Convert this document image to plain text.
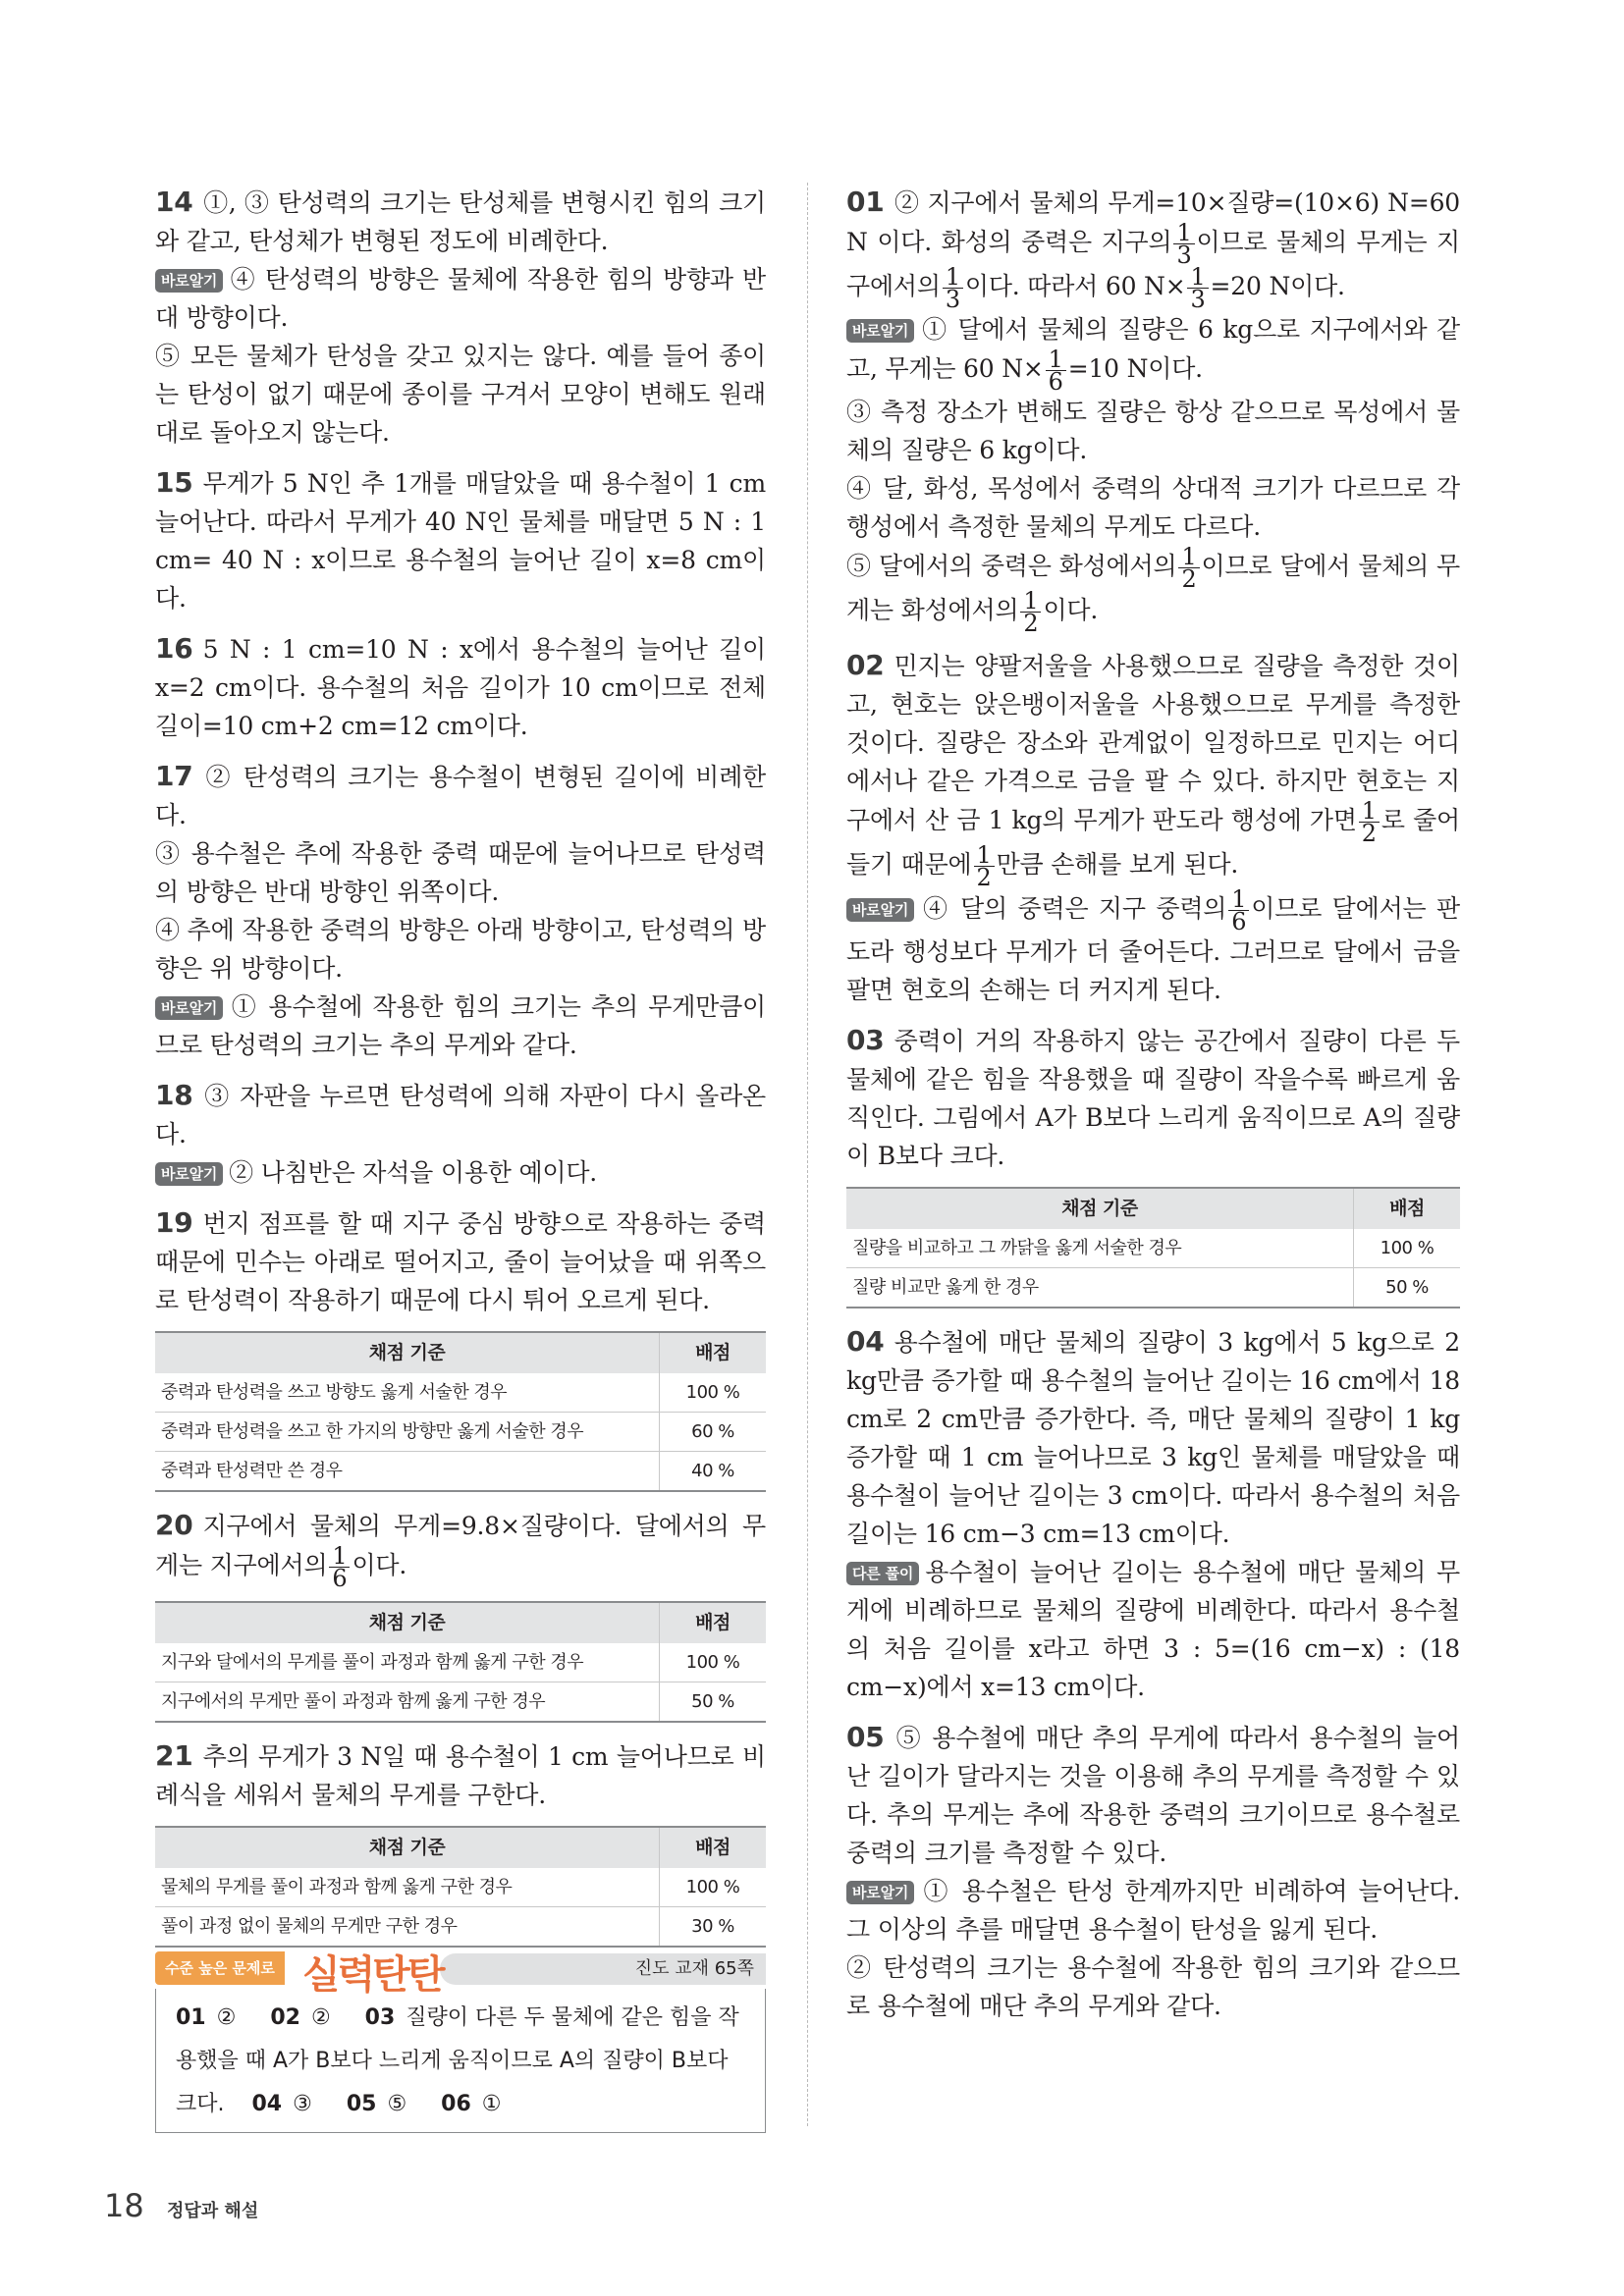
14 ①, ③ 탄성력의 크기는 탄성체를 변형시킨 힘의 크기와 같고, 탄성체가 변형된 정도에 비례한다.

바로알기 ④ 탄성력의 방향은 물체에 작용한 힘의 방향과 반대 방향이다.

⑤ 모든 물체가 탄성을 갖고 있지는 않다. 예를 들어 종이는 탄성이 없기 때문에 종이를 구겨서 모양이 변해도 원래대로 돌아오지 않는다.

15 무게가 5 N인 추 1개를 매달았을 때 용수철이 1 cm 늘어난다. 따라서 무게가 40 N인 물체를 매달면 5 N : 1 cm= 40 N : x이므로 용수철의 늘어난 길이 x=8 cm이다.

16 5 N : 1 cm=10 N : x에서 용수철의 늘어난 길이 x=2 cm이다. 용수철의 처음 길이가 10 cm이므로 전체 길이=10 cm+2 cm=12 cm이다.

17 ② 탄성력의 크기는 용수철이 변형된 길이에 비례한다.

③ 용수철은 추에 작용한 중력 때문에 늘어나므로 탄성력의 방향은 반대 방향인 위쪽이다.

④ 추에 작용한 중력의 방향은 아래 방향이고, 탄성력의 방향은 위 방향이다.

바로알기 ① 용수철에 작용한 힘의 크기는 추의 무게만큼이므로 탄성력의 크기는 추의 무게와 같다.

18 ③ 자판을 누르면 탄성력에 의해 자판이 다시 올라온다.

바로알기 ② 나침반은 자석을 이용한 예이다.

19 번지 점프를 할 때 지구 중심 방향으로 작용하는 중력 때문에 민수는 아래로 떨어지고, 줄이 늘어났을 때 위쪽으로 탄성력이 작용하기 때문에 다시 튀어 오르게 된다.

채점 기준	배점
중력과 탄성력을 쓰고 방향도 옳게 서술한 경우	100 %
중력과 탄성력을 쓰고 한 가지의 방향만 옳게 서술한 경우	60 %
중력과 탄성력만 쓴 경우	40 %

20 지구에서 물체의 무게=9.8×질량이다. 달에서의 무게는 지구에서의 $\frac{1}{6}$ 이다.

채점 기준	배점
지구와 달에서의 무게를 풀이 과정과 함께 옳게 구한 경우	100 %
지구에서의 무게만 풀이 과정과 함께 옳게 구한 경우	50 %

21 추의 무게가 3 N일 때 용수철이 1 cm 늘어나므로 비례식을 세워서 물체의 무게를 구한다.

채점 기준	배점
물체의 무게를 풀이 과정과 함께 옳게 구한 경우	100 %
풀이 과정 없이 물체의 무게만 구한 경우	30 %
수준 높은 문제로 실력탄탄	진도 교재 65쪽
01 ② 02 ② 03 질량이 다른 두 물체에 같은 힘을 작용했을 때 A가 B보다 느리게 움직이므로 A의 질량이 B보다 크다. 04 ③ 05 ⑤ 06 ①

01 ② 지구에서 물체의 무게=10×질량=(10×6) N=60 N 이다. 화성의 중력은 지구의 $\frac{1}{3}$ 이므로 물체의 무게는 지구에서의 $\frac{1}{3}$ 이다. 따라서 60 $N\times \frac{1}{3} =20$ N이다.

바로알기 ① 달에서 물체의 질량은 6 kg으로 지구에서와 같고, 무게는 60 $N\times \frac{1}{6} =10$ N이다.

③ 측정 장소가 변해도 질량은 항상 같으므로 목성에서 물체의 질량은 6 kg이다.

④ 달, 화성, 목성에서 중력의 상대적 크기가 다르므로 각 행성에서 측정한 물체의 무게도 다르다.

⑤ 달에서의 중력은 화성에서의 $\frac{1}{2}$ 이므로 달에서 물체의 무게는 화성에서의 $\frac{1}{2}$ 이다.

02 민지는 양팔저울을 사용했으므로 질량을 측정한 것이고, 현호는 앉은뱅이저울을 사용했으므로 무게를 측정한 것이다. 질량은 장소와 관계없이 일정하므로 민지는 어디에서나 같은 가격으로 금을 팔 수 있다. 하지만 현호는 지구에서 산 금 1 kg의 무게가 판도라 행성에 가면 $\frac{1}{2}$ 로 줄어들기 때문에 $\frac{1}{2}$ 만큼 손해를 보게 된다.

바로알기 ④ 달의 중력은 지구 중력의 $\frac{1}{6}$ 이므로 달에서는 판도라 행성보다 무게가 더 줄어든다. 그러므로 달에서 금을 팔면 현호의 손해는 더 커지게 된다.

03 중력이 거의 작용하지 않는 공간에서 질량이 다른 두 물체에 같은 힘을 작용했을 때 질량이 작을수록 빠르게 움직인다. 그림에서 A가 B보다 느리게 움직이므로 A의 질량이 B보다 크다.

채점 기준	배점
질량을 비교하고 그 까닭을 옳게 서술한 경우	100 %
질량 비교만 옳게 한 경우	50 %

04 용수철에 매단 물체의 질량이 3 kg에서 5 kg으로 2 kg만큼 증가할 때 용수철의 늘어난 길이는 16 cm에서 18 cm로 2 cm만큼 증가한다. 즉, 매단 물체의 질량이 1 kg 증가할 때 1 cm 늘어나므로 3 kg인 물체를 매달았을 때 용수철이 늘어난 길이는 3 cm이다. 따라서 용수철의 처음 길이는 16 cm−3 cm=13 cm이다.

다른 풀이 용수철이 늘어난 길이는 용수철에 매단 물체의 무게에 비례하므로 물체의 질량에 비례한다. 따라서 용수철의 처음 길이를 x라고 하면 3 : 5=(16 cm−x) : (18 cm−x)에서 x=13 cm이다.

05 ⑤ 용수철에 매단 추의 무게에 따라서 용수철의 늘어난 길이가 달라지는 것을 이용해 추의 무게를 측정할 수 있다. 추의 무게는 추에 작용한 중력의 크기이므로 용수철로 중력의 크기를 측정할 수 있다.

바로알기 ① 용수철은 탄성 한계까지만 비례하여 늘어난다. 그 이상의 추를 매달면 용수철이 탄성을 잃게 된다.

② 탄성력의 크기는 용수철에 작용한 힘의 크기와 같으므로 용수철에 매단 추의 무게와 같다.

18 정답과 해설
